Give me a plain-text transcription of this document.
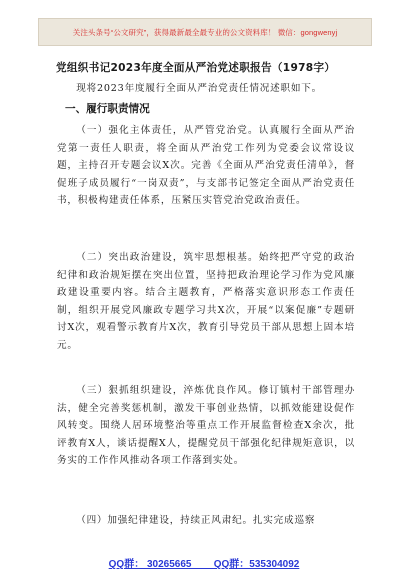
关注头条号“公文研究”，获得最新最全最专业的公文资料库！ 微信：gongwenyj
党组织书记2023年度全面从严治党述职报告（1978字）
现将2023年度履行全面从严治党责任情况述职如下。
一、履行职责情况
（一）强化主体责任，从严管党治党。认真履行全面从严治党第一责任人职责，将全面从严治党工作列为党委会议常设议题，主持召开专题会议X次。完善《全面从严治党责任清单》，督促班子成员履行“一岗双责”，与支部书记签定全面从严治党责任书，积极构建责任体系，压紧压实管党治党政治责任。
（二）突出政治建设，筑牢思想根基。始终把严守党的政治纪律和政治规矩摆在突出位置，坚持把政治理论学习作为党风廉政建设重要内容。结合主题教育，严格落实意识形态工作责任制，组织开展党风廉政专题学习共X次，开展“以案促廉”专题研讨X次，观看警示教育片X次，教育引导党员干部从思想上固本培元。
（三）狠抓组织建设，淬炼优良作风。修订镇村干部管理办法，健全完善奖惩机制，激发干事创业热情，以抓效能建设促作风转变。围绕人居环境整治等重点工作开展监督检查X余次，批评教育X人，谈话提醒X人，提醒党员干部强化纪律规矩意识，以务实的工作作风推动各项工作落到实处。
（四）加强纪律建设，持续正风肃纪。扎实完成巡察
QQ群： 30265665        QQ群：535304092
